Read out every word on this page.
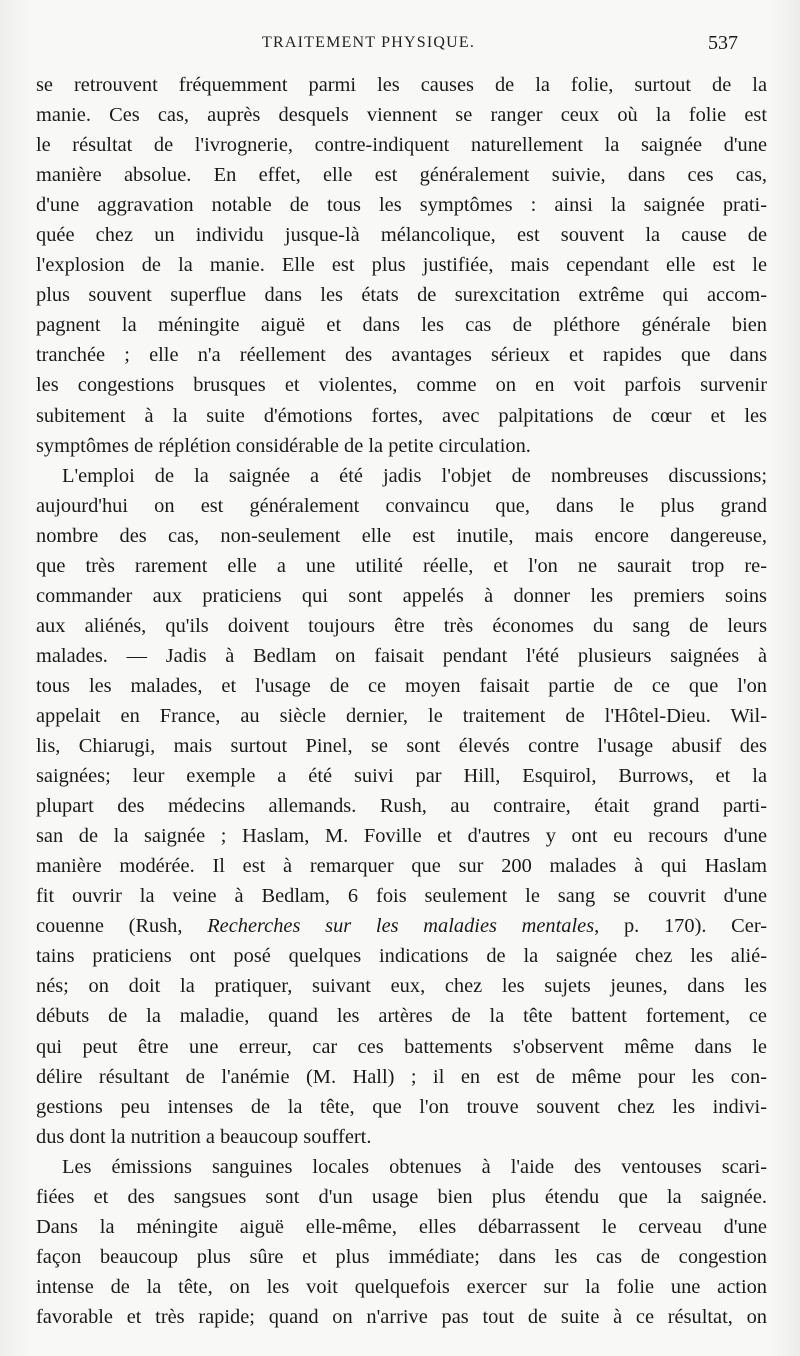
TRAITEMENT PHYSIQUE.	537
se retrouvent fréquemment parmi les causes de la folie, surtout de la
manie. Ces cas, auprès desquels viennent se ranger ceux où la folie est
le résultat de l'ivrognerie, contre-indiquent naturellement la saignée d'une
manière absolue. En effet, elle est généralement suivie, dans ces cas,
d'une aggravation notable de tous les symptômes : ainsi la saignée prati-
quée chez un individu jusque-là mélancolique, est souvent la cause de
l'explosion de la manie. Elle est plus justifiée, mais cependant elle est le
plus souvent superflue dans les états de surexcitation extrême qui accom-
pagnent la méningite aiguë et dans les cas de pléthore générale bien
tranchée ; elle n'a réellement des avantages sérieux et rapides que dans
les congestions brusques et violentes, comme on en voit parfois survenir
subitement à la suite d'émotions fortes, avec palpitations de cœur et les
symptômes de réplétion considérable de la petite circulation.
L'emploi de la saignée a été jadis l'objet de nombreuses discussions;
aujourd'hui on est généralement convaincu que, dans le plus grand
nombre des cas, non-seulement elle est inutile, mais encore dangereuse,
que très rarement elle a une utilité réelle, et l'on ne saurait trop re-
commander aux praticiens qui sont appelés à donner les premiers soins
aux aliénés, qu'ils doivent toujours être très économes du sang de leurs
malades. — Jadis à Bedlam on faisait pendant l'été plusieurs saignées à
tous les malades, et l'usage de ce moyen faisait partie de ce que l'on
appelait en France, au siècle dernier, le traitement de l'Hôtel-Dieu. Wil-
lis, Chiarugi, mais surtout Pinel, se sont élevés contre l'usage abusif des
saignées; leur exemple a été suivi par Hill, Esquirol, Burrows, et la
plupart des médecins allemands. Rush, au contraire, était grand parti-
san de la saignée ; Haslam, M. Foville et d'autres y ont eu recours d'une
manière modérée. Il est à remarquer que sur 200 malades à qui Haslam
fit ouvrir la veine à Bedlam, 6 fois seulement le sang se couvrit d'une
couenne (Rush, Recherches sur les maladies mentales, p. 170). Cer-
tains praticiens ont posé quelques indications de la saignée chez les alié-
nés; on doit la pratiquer, suivant eux, chez les sujets jeunes, dans les
débuts de la maladie, quand les artères de la tête battent fortement, ce
qui peut être une erreur, car ces battements s'observent même dans le
délire résultant de l'anémie (M. Hall) ; il en est de même pour les con-
gestions peu intenses de la tête, que l'on trouve souvent chez les indivi-
dus dont la nutrition a beaucoup souffert.
Les émissions sanguines locales obtenues à l'aide des ventouses scari-
fiées et des sangsues sont d'un usage bien plus étendu que la saignée.
Dans la méningite aiguë elle-même, elles débarrassent le cerveau d'une
façon beaucoup plus sûre et plus immédiate; dans les cas de congestion
intense de la tête, on les voit quelquefois exercer sur la folie une action
favorable et très rapide; quand on n'arrive pas tout de suite à ce résultat, on
